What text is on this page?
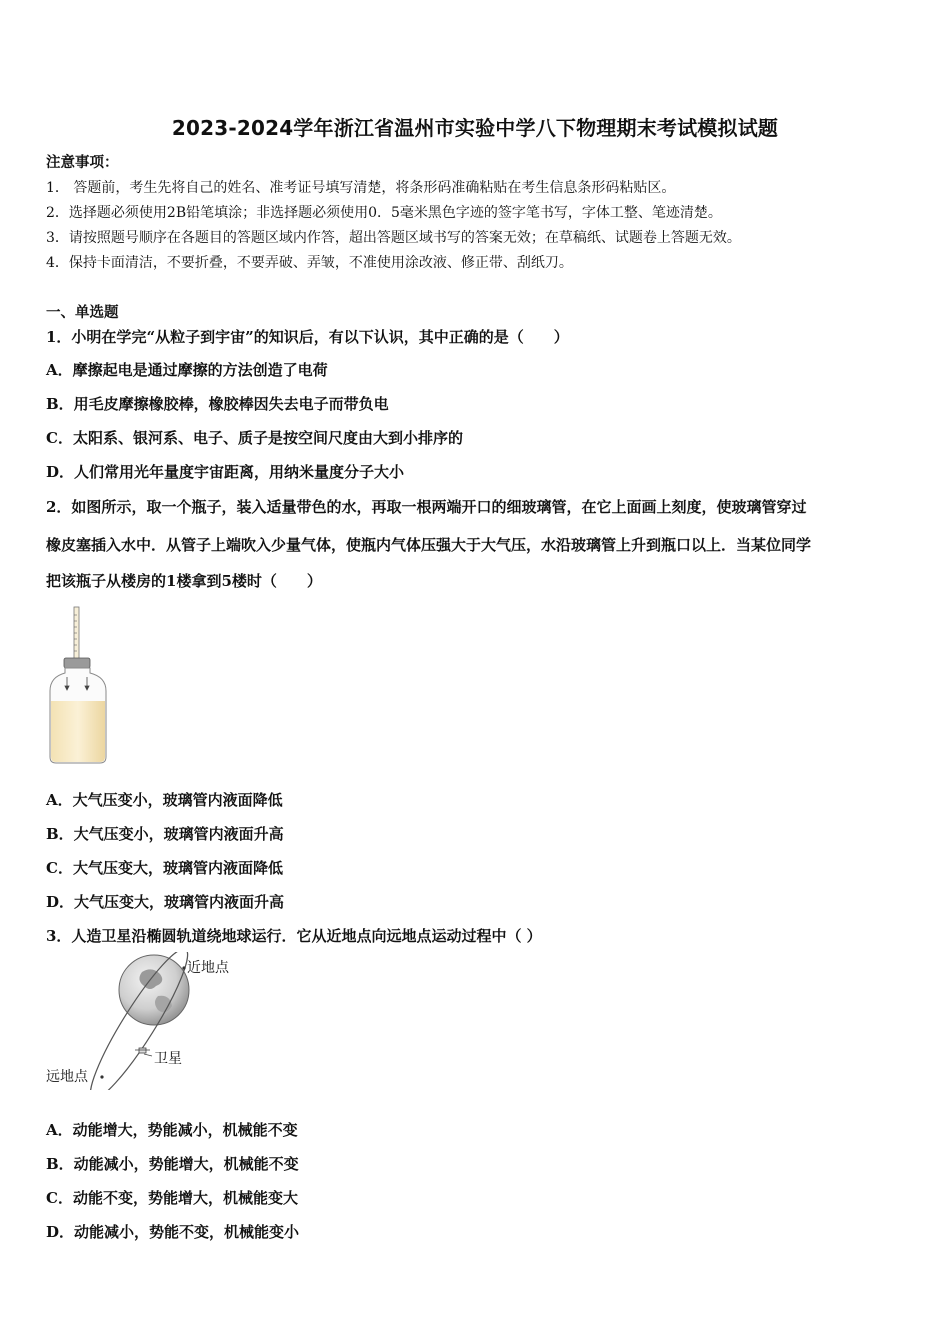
2023-2024学年浙江省温州市实验中学八下物理期末考试模拟试题
注意事项：
1． 答题前，考生先将自己的姓名、准考证号填写清楚，将条形码准确粘贴在考生信息条形码粘贴区。
2．选择题必须使用2B铅笔填涂；非选择题必须使用0．5毫米黑色字迹的签字笔书写，字体工整、笔迹清楚。
3．请按照题号顺序在各题目的答题区域内作答，超出答题区域书写的答案无效；在草稿纸、试题卷上答题无效。
4．保持卡面清洁，不要折叠，不要弄破、弄皱，不准使用涂改液、修正带、刮纸刀。
一、单选题
1．小明在学完“从粒子到宇宙”的知识后，有以下认识，其中正确的是（　　）
A．摩擦起电是通过摩擦的方法创造了电荷
B．用毛皮摩擦橡胶棒，橡胶棒因失去电子而带负电
C．太阳系、银河系、电子、质子是按空间尺度由大到小排序的
D．人们常用光年量度宇宙距离，用纳米量度分子大小
2．如图所示，取一个瓶子，装入适量带色的水，再取一根两端开口的细玻璃管，在它上面画上刻度，使玻璃管穿过
橡皮塞插入水中．从管子上端吹入少量气体，使瓶内气体压强大于大气压，水沿玻璃管上升到瓶口以上．当某位同学
把该瓶子从楼房的1楼拿到5楼时（　　）
A．大气压变小，玻璃管内液面降低
B．大气压变小，玻璃管内液面升高
C．大气压变大，玻璃管内液面降低
D．大气压变大，玻璃管内液面升高
3．人造卫星沿椭圆轨道绕地球运行．它从近地点向远地点运动过程中（ ）
近地点
卫星
远地点
A．动能增大，势能减小，机械能不变
B．动能减小，势能增大，机械能不变
C．动能不变，势能增大，机械能变大
D．动能减小，势能不变，机械能变小
